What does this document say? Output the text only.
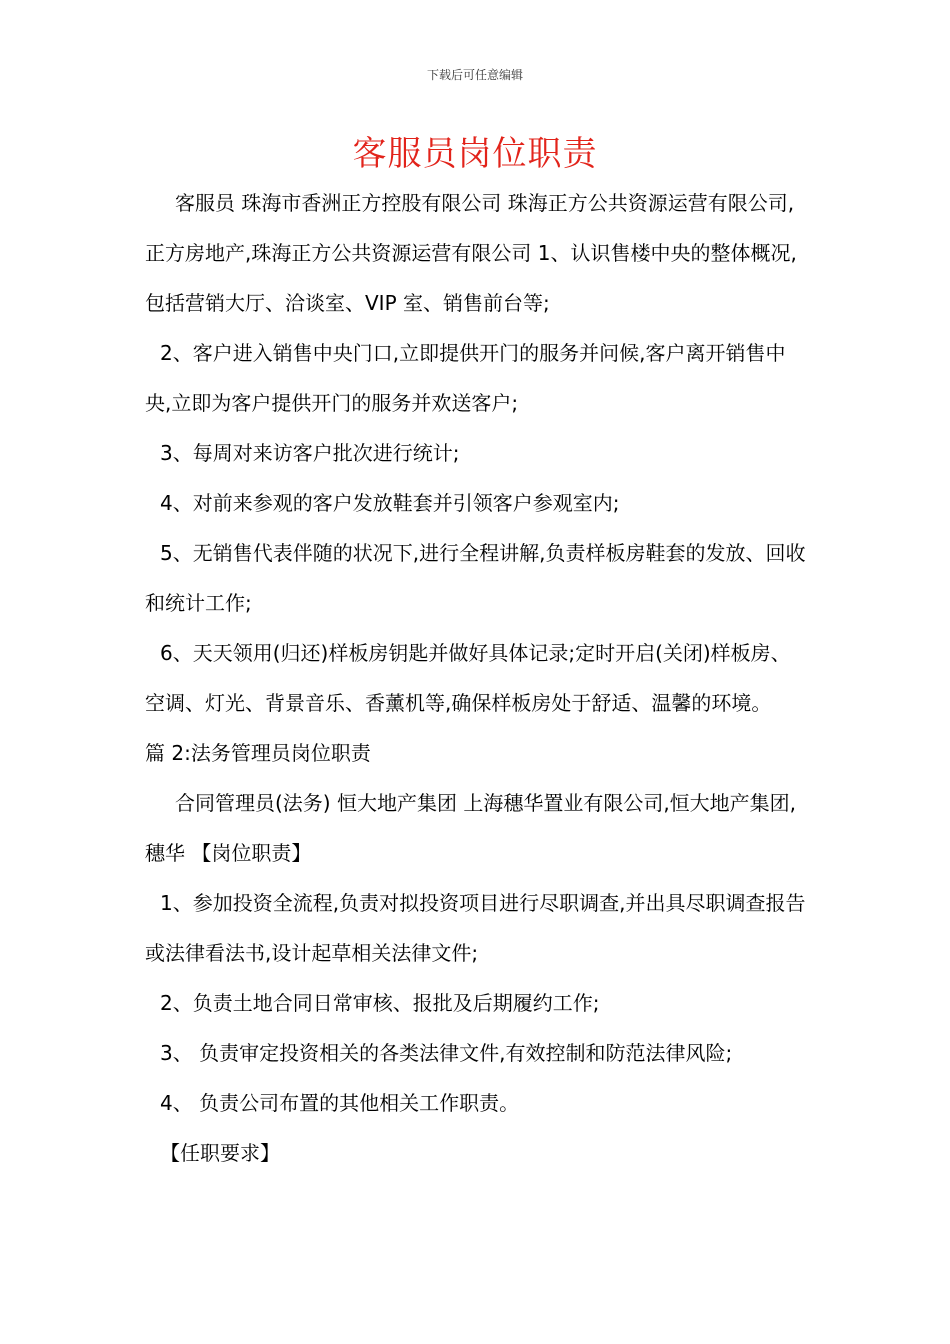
下载后可任意编辑
客服员岗位职责

客服员 珠海市香洲正方控股有限公司 珠海正方公共资源运营有限公司,正方房地产,珠海正方公共资源运营有限公司 1、认识售楼中央的整体概况,包括营销大厅、洽谈室、VIP 室、销售前台等;

2、客户进入销售中央门口,立即提供开门的服务并问候,客户离开销售中央,立即为客户提供开门的服务并欢送客户;

3、每周对来访客户批次进行统计;

4、对前来参观的客户发放鞋套并引领客户参观室内;

5、无销售代表伴随的状况下,进行全程讲解,负责样板房鞋套的发放、回收和统计工作;

6、天天领用(归还)样板房钥匙并做好具体记录;定时开启(关闭)样板房、空调、灯光、背景音乐、香薰机等,确保样板房处于舒适、温馨的环境。

篇 2:法务管理员岗位职责

合同管理员(法务) 恒大地产集团 上海穗华置业有限公司,恒大地产集团,穗华 【岗位职责】

1、参加投资全流程,负责对拟投资项目进行尽职调查,并出具尽职调查报告或法律看法书,设计起草相关法律文件;

2、负责土地合同日常审核、报批及后期履约工作;

3、 负责审定投资相关的各类法律文件,有效控制和防范法律风险;

4、 负责公司布置的其他相关工作职责。

【任职要求】
